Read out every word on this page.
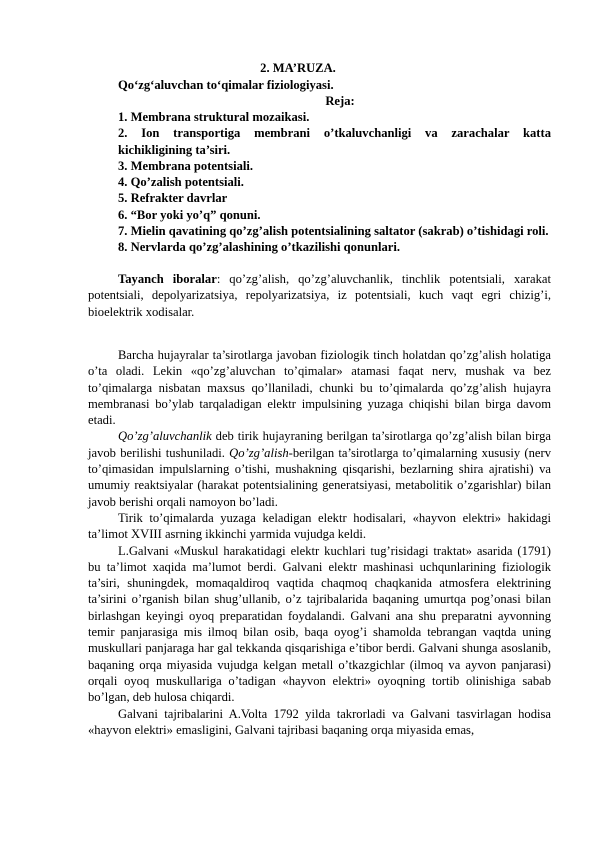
2. MA’RUZA.
Qo‘zg‘aluvchan to‘qimalar fiziologiyasi.
Reja:
1. Membrana struktural mozaikasi.
2. Ion transportiga membrani o’tkaluvchanligi va zarachalar katta kichikligining ta’siri.
3. Membrana potentsiali.
4. Qo’zalish potentsiali.
5. Refrakter davrlar
6. “Bor yoki yo’q” qonuni.
7. Mielin qavatining qo’zg’alish potentsialining saltator (sakrab) o’tishidagi roli.
8. Nervlarda qo’zg’alashining o’tkazilishi qonunlari.

Tayanch iboralar: qo’zg’alish, qo’zg’aluvchanlik, tinchlik potentsiali, xarakat potentsiali, depolyarizatsiya, repolyarizatsiya, iz potentsiali, kuch vaqt egri chizig’i, bioelektrik xodisalar.

Barcha hujayralar ta’sirotlarga javoban fiziologik tinch holatdan qo’zg’alish holatiga o’ta oladi. Lekin «qo’zg’aluvchan to’qimalar» atamasi faqat nerv, mushak va bez to’qimalarga nisbatan maxsus qo’llaniladi, chunki bu to’qimalarda qo’zg’alish hujayra membranasi bo’ylab tarqaladigan elektr impulsining yuzaga chiqishi bilan birga davom etadi.

Qo’zg’aluvchanlik deb tirik hujayraning berilgan ta’sirotlarga qo’zg’alish bilan birga javob berilishi tushuniladi. Qo’zg’alish-berilgan ta’sirotlarga to’qimalarning xususiy (nerv to’qimasidan impulslarning o’tishi, mushakning qisqarishi, bezlarning shira ajratishi) va umumiy reaktsiyalar (harakat potentsialining generatsiyasi, metabolitik o’zgarishlar) bilan javob berishi orqali namoyon bo’ladi.

Tirik to’qimalarda yuzaga keladigan elektr hodisalari, «hayvon elektri» hakidagi ta’limot XVIII asrning ikkinchi yarmida vujudga keldi.

L.Galvani «Muskul harakatidagi elektr kuchlari tug’risidagi traktat» asarida (1791) bu ta’limot xaqida ma’lumot berdi. Galvani elektr mashinasi uchqunlarining fiziologik ta’siri, shuningdek, momaqaldiroq vaqtida chaqmoq chaqkanida atmosfera elektrining ta’sirini o’rganish bilan shug’ullanib, o’z tajribalarida baqaning umurtqa pog’onasi bilan birlashgan keyingi oyoq preparatidan foydalandi. Galvani ana shu preparatni ayvonning temir panjarasiga mis ilmoq bilan osib, baqa oyog’i shamolda tebrangan vaqtda uning muskullari panjaraga har gal tekkanda qisqarishiga e’tibor berdi. Galvani shunga asoslanib, baqaning orqa miyasida vujudga kelgan metall o’tkazgichlar (ilmoq va ayvon panjarasi) orqali oyoq muskullariga o’tadigan «hayvon elektri» oyoqning tortib olinishiga sabab bo’lgan, deb hulosa chiqardi.

Galvani tajribalarini A.Volta 1792 yilda takrorladi va Galvani tasvirlagan hodisa «hayvon elektri» emasligini, Galvani tajribasi baqaning orqa miyasida emas,
